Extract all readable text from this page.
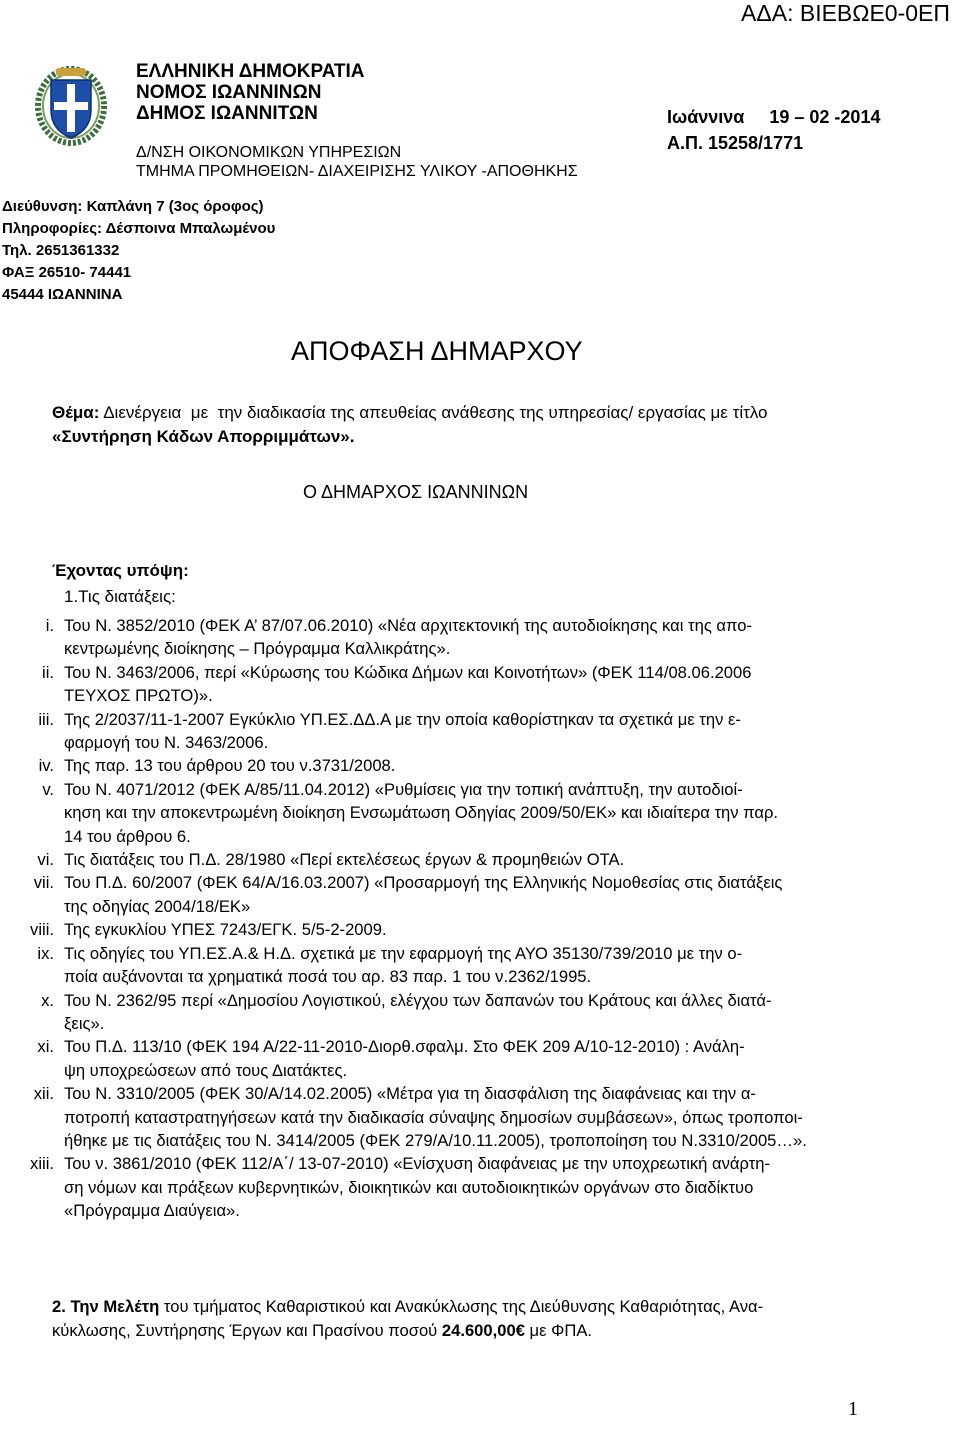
ΑΔΑ: ΒΙΕΒΩΕ0-0ΕΠ
ΕΛΛΗΝΙΚΗ ΔΗΜΟΚΡΑΤΙΑ
ΝΟΜΟΣ ΙΩΑΝΝΙΝΩΝ
ΔΗΜΟΣ ΙΩΑΝΝΙΤΩΝ
Δ/ΝΣΗ ΟΙΚΟΝΟΜΙΚΩΝ ΥΠΗΡΕΣΙΩΝ
ΤΜΗΜΑ ΠΡΟΜΗΘΕΙΩΝ- ΔΙΑΧΕΙΡΙΣΗΣ ΥΛΙΚΟΥ -ΑΠΟΘΗΚΗΣ
Διεύθυνση: Καπλάνη 7 (3ος όροφος)
Πληροφορίες: Δέσποινα Μπαλωμένου
Τηλ. 2651361332
ΦΑΞ 26510- 74441
45444 ΙΩΑΝΝΙΝΑ
Ιωάννινα     19 – 02 -2014
Α.Π. 15258/1771
ΑΠΟΦΑΣΗ ΔΗΜΑΡΧΟΥ
Θέμα: Διενέργεια  με  την διαδικασία της απευθείας ανάθεσης της υπηρεσίας/ εργασίας με τίτλο
«Συντήρηση Κάδων Απορριμμάτων».
Ο ΔΗΜΑΡΧΟΣ ΙΩΑΝΝΙΝΩΝ
Έχοντας υπόψη:
1.Τις διατάξεις:
i. Του Ν. 3852/2010 (ΦΕΚ Α’ 87/07.06.2010) «Νέα αρχιτεκτονική της αυτοδιοίκησης και της απο-
κεντρωμένης διοίκησης – Πρόγραμμα Καλλικράτης».
ii. Του Ν. 3463/2006, περί «Κύρωσης του Κώδικα Δήμων και Κοινοτήτων» (ΦΕΚ 114/08.06.2006
ΤΕΥΧΟΣ ΠΡΩΤΟ)».
iii. Της 2/2037/11-1-2007 Εγκύκλιο ΥΠ.ΕΣ.ΔΔ.Α με την οποία καθορίστηκαν τα σχετικά με την ε-
φαρμογή του Ν. 3463/2006.
iv. Της παρ. 13 του άρθρου 20 του ν.3731/2008.
v. Του Ν. 4071/2012 (ΦΕΚ Α/85/11.04.2012) «Ρυθμίσεις για την τοπική ανάπτυξη, την αυτοδιοί-
κηση και την αποκεντρωμένη διοίκηση Ενσωμάτωση Οδηγίας 2009/50/ΕΚ» και ιδιαίτερα την παρ.
14 του άρθρου 6.
vi. Τις διατάξεις του Π.Δ. 28/1980 «Περί εκτελέσεως έργων & προμηθειών ΟΤΑ.
vii. Του Π.Δ. 60/2007 (ΦΕΚ 64/Α/16.03.2007) «Προσαρμογή της Ελληνικής Νομοθεσίας στις διατάξεις
της οδηγίας 2004/18/ΕΚ»
viii. Της εγκυκλίου ΥΠΕΣ 7243/ΕΓΚ. 5/5-2-2009.
ix. Τις οδηγίες του ΥΠ.ΕΣ.Α.& Η.Δ. σχετικά με την εφαρμογή της ΑΥΟ 35130/739/2010 με την ο-
ποία αυξάνονται τα χρηματικά ποσά του αρ. 83 παρ. 1 του ν.2362/1995.
x. Του Ν. 2362/95 περί «Δημοσίου Λογιστικού, ελέγχου των δαπανών του Κράτους και άλλες διατά-
ξεις».
xi. Του Π.Δ. 113/10 (ΦΕΚ 194 Α/22-11-2010-Διορθ.σφαλμ. Στο ΦΕΚ 209 Α/10-12-2010) : Ανάλη-
ψη υποχρεώσεων από τους Διατάκτες.
xii. Του Ν. 3310/2005 (ΦΕΚ 30/Α/14.02.2005) «Μέτρα για τη διασφάλιση της διαφάνειας και την α-
ποτροπή καταστρατηγήσεων κατά την διαδικασία σύναψης δημοσίων συμβάσεων», όπως τροποποι-
ήθηκε με τις διατάξεις του Ν. 3414/2005 (ΦΕΚ 279/Α/10.11.2005), τροποποίηση του Ν.3310/2005…».
xiii. Του ν. 3861/2010 (ΦΕΚ 112/Α΄/ 13-07-2010) «Ενίσχυση διαφάνειας με την υποχρεωτική ανάρτη-
ση νόμων και πράξεων κυβερνητικών, διοικητικών και αυτοδιοικητικών οργάνων στο διαδίκτυο
«Πρόγραμμα Διαύγεια».
2. Την Μελέτη του τμήματος Καθαριστικού και Ανακύκλωσης της Διεύθυνσης Καθαριότητας, Ανα-
κύκλωσης, Συντήρησης Έργων και Πρασίνου ποσού 24.600,00€ με ΦΠΑ.
1
